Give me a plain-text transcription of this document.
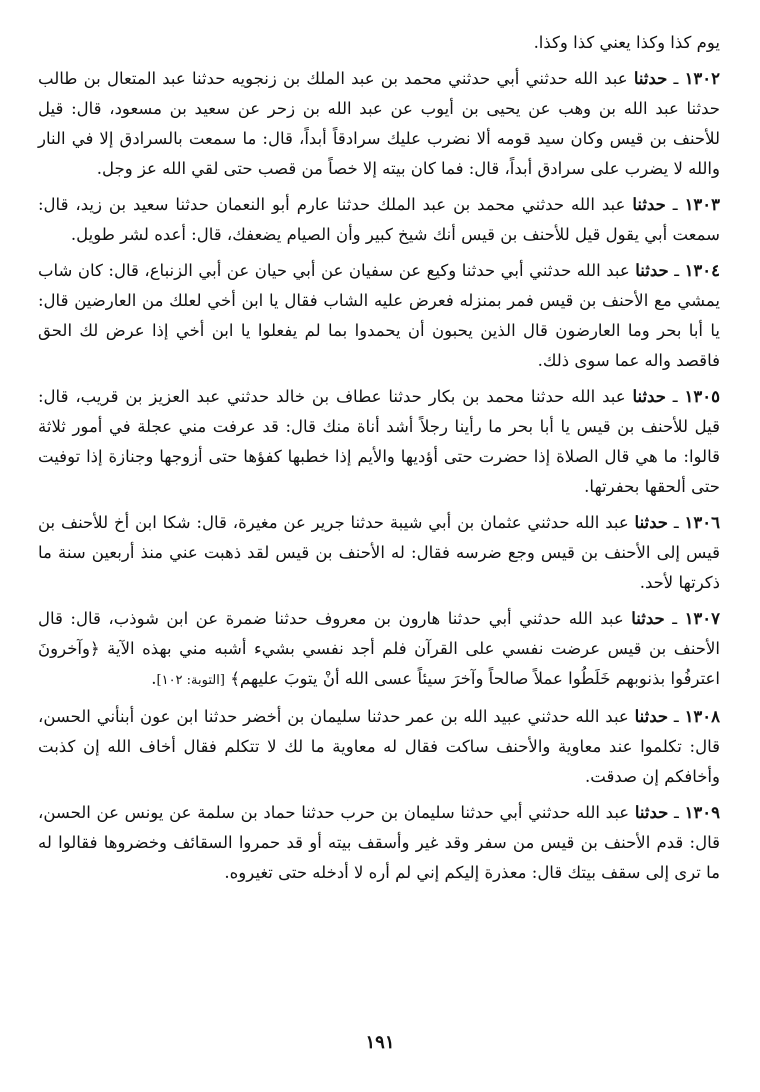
يوم كذا وكذا يعني كذا وكذا.

١٣٠٢ ـ حدثنا عبد الله حدثني أبي حدثني محمد بن عبد الملك بن زنجويه حدثنا عبد المتعال بن طالب حدثنا عبد الله بن وهب عن يحيى بن أيوب عن عبد الله بن زحر عن سعيد بن مسعود، قال: قيل للأحنف بن قيس وكان سيد قومه ألا نضرب عليك سرادقاً أبداً، قال: ما سمعت بالسرادق إلا في النار والله لا يضرب على سرادق أبداً، قال: فما كان بيته إلا خصاً من قصب حتى لقي الله عز وجل.

١٣٠٣ ـ حدثنا عبد الله حدثني محمد بن عبد الملك حدثنا عارم أبو النعمان حدثنا سعيد بن زيد، قال: سمعت أبي يقول قيل للأحنف بن قيس أنك شيخ كبير وأن الصيام يضعفك، قال: أعده لشر طويل.

١٣٠٤ ـ حدثنا عبد الله حدثني أبي حدثنا وكيع عن سفيان عن أبي حيان عن أبي الزنباع، قال: كان شاب يمشي مع الأحنف بن قيس فمر بمنزله فعرض عليه الشاب فقال يا ابن أخي لعلك من العارضين قال: يا أبا بحر وما العارضون قال الذين يحبون أن يحمدوا بما لم يفعلوا يا ابن أخي إذا عرض لك الحق فاقصد واله عما سوى ذلك.

١٣٠٥ ـ حدثنا عبد الله حدثنا محمد بن بكار حدثنا عطاف بن خالد حدثني عبد العزيز بن قريب، قال: قيل للأحنف بن قيس يا أبا بحر ما رأينا رجلاً أشد أناة منك قال: قد عرفت مني عجلة في أمور ثلاثة قالوا: ما هي قال الصلاة إذا حضرت حتى أؤديها والأيم إذا خطبها كفؤها حتى أزوجها وجنازة إذا توفيت حتى ألحقها بحفرتها.

١٣٠٦ ـ حدثنا عبد الله حدثني عثمان بن أبي شيبة حدثنا جرير عن مغيرة، قال: شكا ابن أخ للأحنف بن قيس إلى الأحنف بن قيس وجع ضرسه فقال: له الأحنف بن قيس لقد ذهبت عني منذ أربعين سنة ما ذكرتها لأحد.

١٣٠٧ ـ حدثنا عبد الله حدثني أبي حدثنا هارون بن معروف حدثنا ضمرة عن ابن شوذب، قال: قال الأحنف بن قيس عرضت نفسي على القرآن فلم أجد نفسي بشيء أشبه مني بهذه الآية ﴿وآخرونَ اعترفُوا بذنوبهم خَلَطُوا عملاً صالحاً وآخرَ سيئاً عسى الله أنْ يتوبَ عليهم﴾ [التوبة: ١٠٢].

١٣٠٨ ـ حدثنا عبد الله حدثني عبيد الله بن عمر حدثنا سليمان بن أخضر حدثنا ابن عون أبنأني الحسن، قال: تكلموا عند معاوية والأحنف ساكت فقال له معاوية ما لك لا تتكلم فقال أخاف الله إن كذبت وأخافكم إن صدقت.

١٣٠٩ ـ حدثنا عبد الله حدثني أبي حدثنا سليمان بن حرب حدثنا حماد بن سلمة عن يونس عن الحسن، قال: قدم الأحنف بن قيس من سفر وقد غير وأسقف بيته أو قد حمروا السقائف وخضروها فقالوا له ما ترى إلى سقف بيتك قال: معذرة إليكم إني لم أره لا أدخله حتى تغيروه.

١٩١
